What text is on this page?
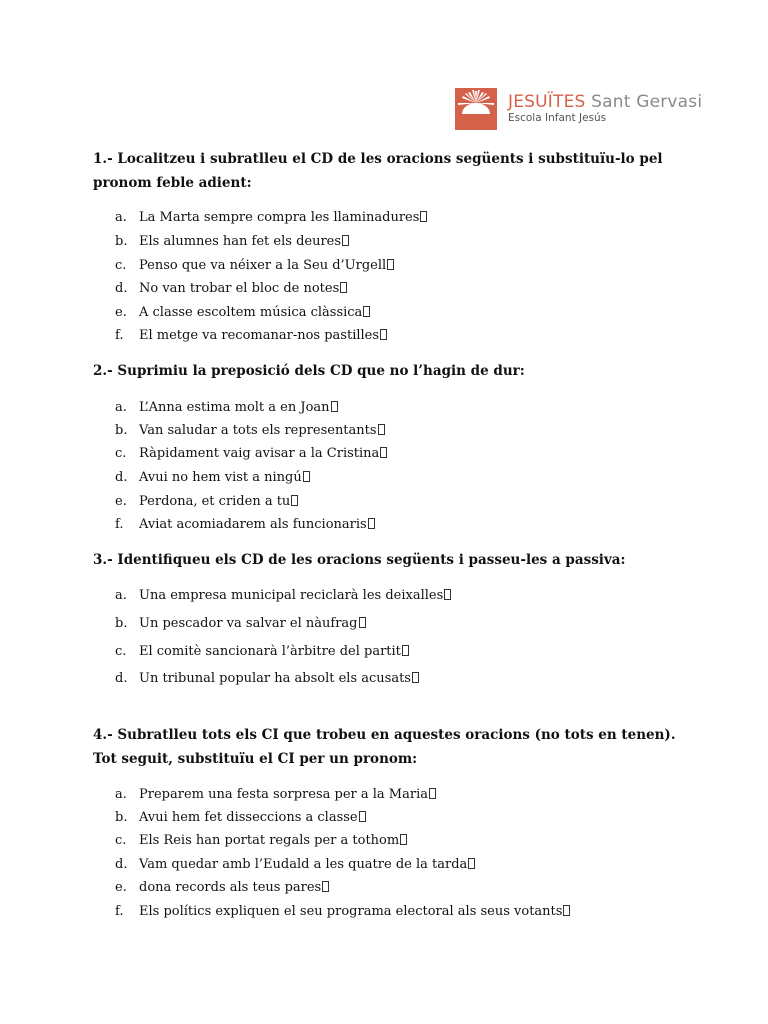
JESUÏTES Sant Gervasi
Escola Infant Jesús
1.- Localitzeu i subratlleu el CD de les oracions següents i substituïu-lo pel pronom feble adient:
a. La Marta sempre compra les llaminadures
b. Els alumnes han fet els deures
c. Penso que va néixer a la Seu d’Urgell
d. No van trobar el bloc de notes
e. A classe escoltem música clàssica
f. El metge va recomanar-nos pastilles
2.- Suprimiu la preposició dels CD que no l’hagin de dur:
a. L’Anna estima molt a en Joan
b. Van saludar a tots els representants
c. Ràpidament vaig avisar a la Cristina
d. Avui no hem vist a ningú
e. Perdona, et criden a tu
f. Aviat acomiadarem als funcionaris
3.- Identifiqueu els CD de les oracions següents i passeu-les a passiva:
a. Una empresa municipal reciclarà les deixalles
b. Un pescador va salvar el nàufrag
c. El comitè sancionarà l’àrbitre del partit
d. Un tribunal popular ha absolt els acusats
4.- Subratlleu tots els CI que trobeu en aquestes oracions (no tots en tenen). Tot seguit, substituïu el CI per un pronom:
a. Preparem una festa sorpresa per a la Maria
b. Avui hem fet disseccions a classe
c. Els Reis han portat regals per a tothom
d. Vam quedar amb l’Eudald a les quatre de la tarda
e. dona records als teus pares
f. Els polítics expliquen el seu programa electoral als seus votants
